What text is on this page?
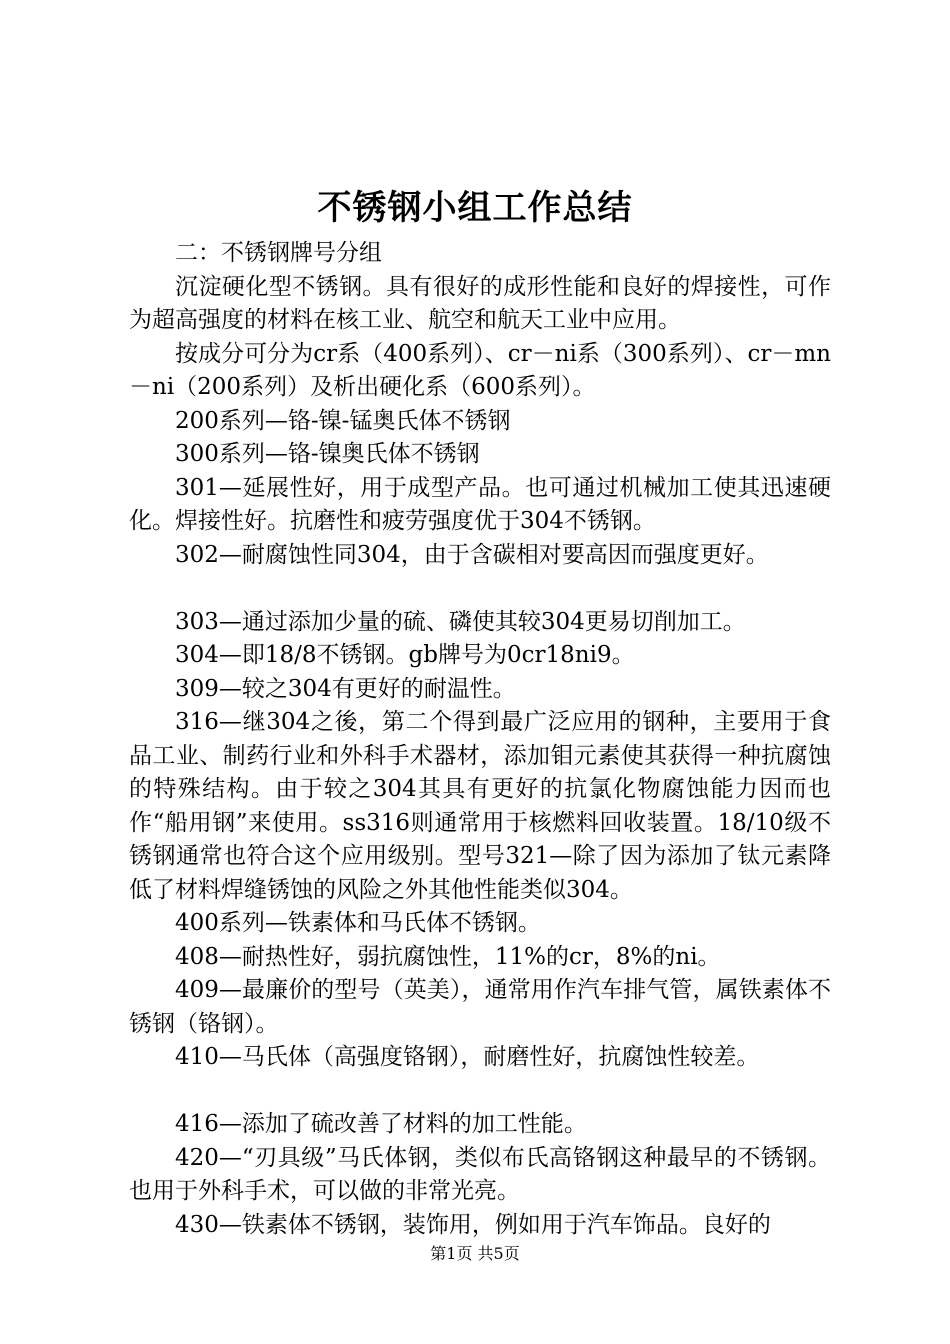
不锈钢小组工作总结

二：不锈钢牌号分组

沉淀硬化型不锈钢。具有很好的成形性能和良好的焊接性，可作为超高强度的材料在核工业、航空和航天工业中应用。

按成分可分为cr系（400系列）、cr－ni系（300系列）、cr－mn－ni（200系列）及析出硬化系（600系列）。

200系列—铬-镍-锰奥氏体不锈钢

300系列—铬-镍奥氏体不锈钢

301—延展性好，用于成型产品。也可通过机械加工使其迅速硬化。焊接性好。抗磨性和疲劳强度优于304不锈钢。

302—耐腐蚀性同304，由于含碳相对要高因而强度更好。

303—通过添加少量的硫、磷使其较304更易切削加工。

304—即18/8不锈钢。gb牌号为0cr18ni9。

309—较之304有更好的耐温性。

316—继304之後，第二个得到最广泛应用的钢种，主要用于食品工业、制药行业和外科手术器材，添加钼元素使其获得一种抗腐蚀的特殊结构。由于较之304其具有更好的抗氯化物腐蚀能力因而也作“船用钢”来使用。ss316则通常用于核燃料回收装置。18/10级不锈钢通常也符合这个应用级别。型号321—除了因为添加了钛元素降低了材料焊缝锈蚀的风险之外其他性能类似304。

400系列—铁素体和马氏体不锈钢。

408—耐热性好，弱抗腐蚀性，11%的cr，8%的ni。

409—最廉价的型号（英美），通常用作汽车排气管，属铁素体不锈钢（铬钢）。

410—马氏体（高强度铬钢），耐磨性好，抗腐蚀性较差。

416—添加了硫改善了材料的加工性能。

420—“刃具级”马氏体钢，类似布氏高铬钢这种最早的不锈钢。也用于外科手术，可以做的非常光亮。

430—铁素体不锈钢，装饰用，例如用于汽车饰品。良好的

第1页 共5页
